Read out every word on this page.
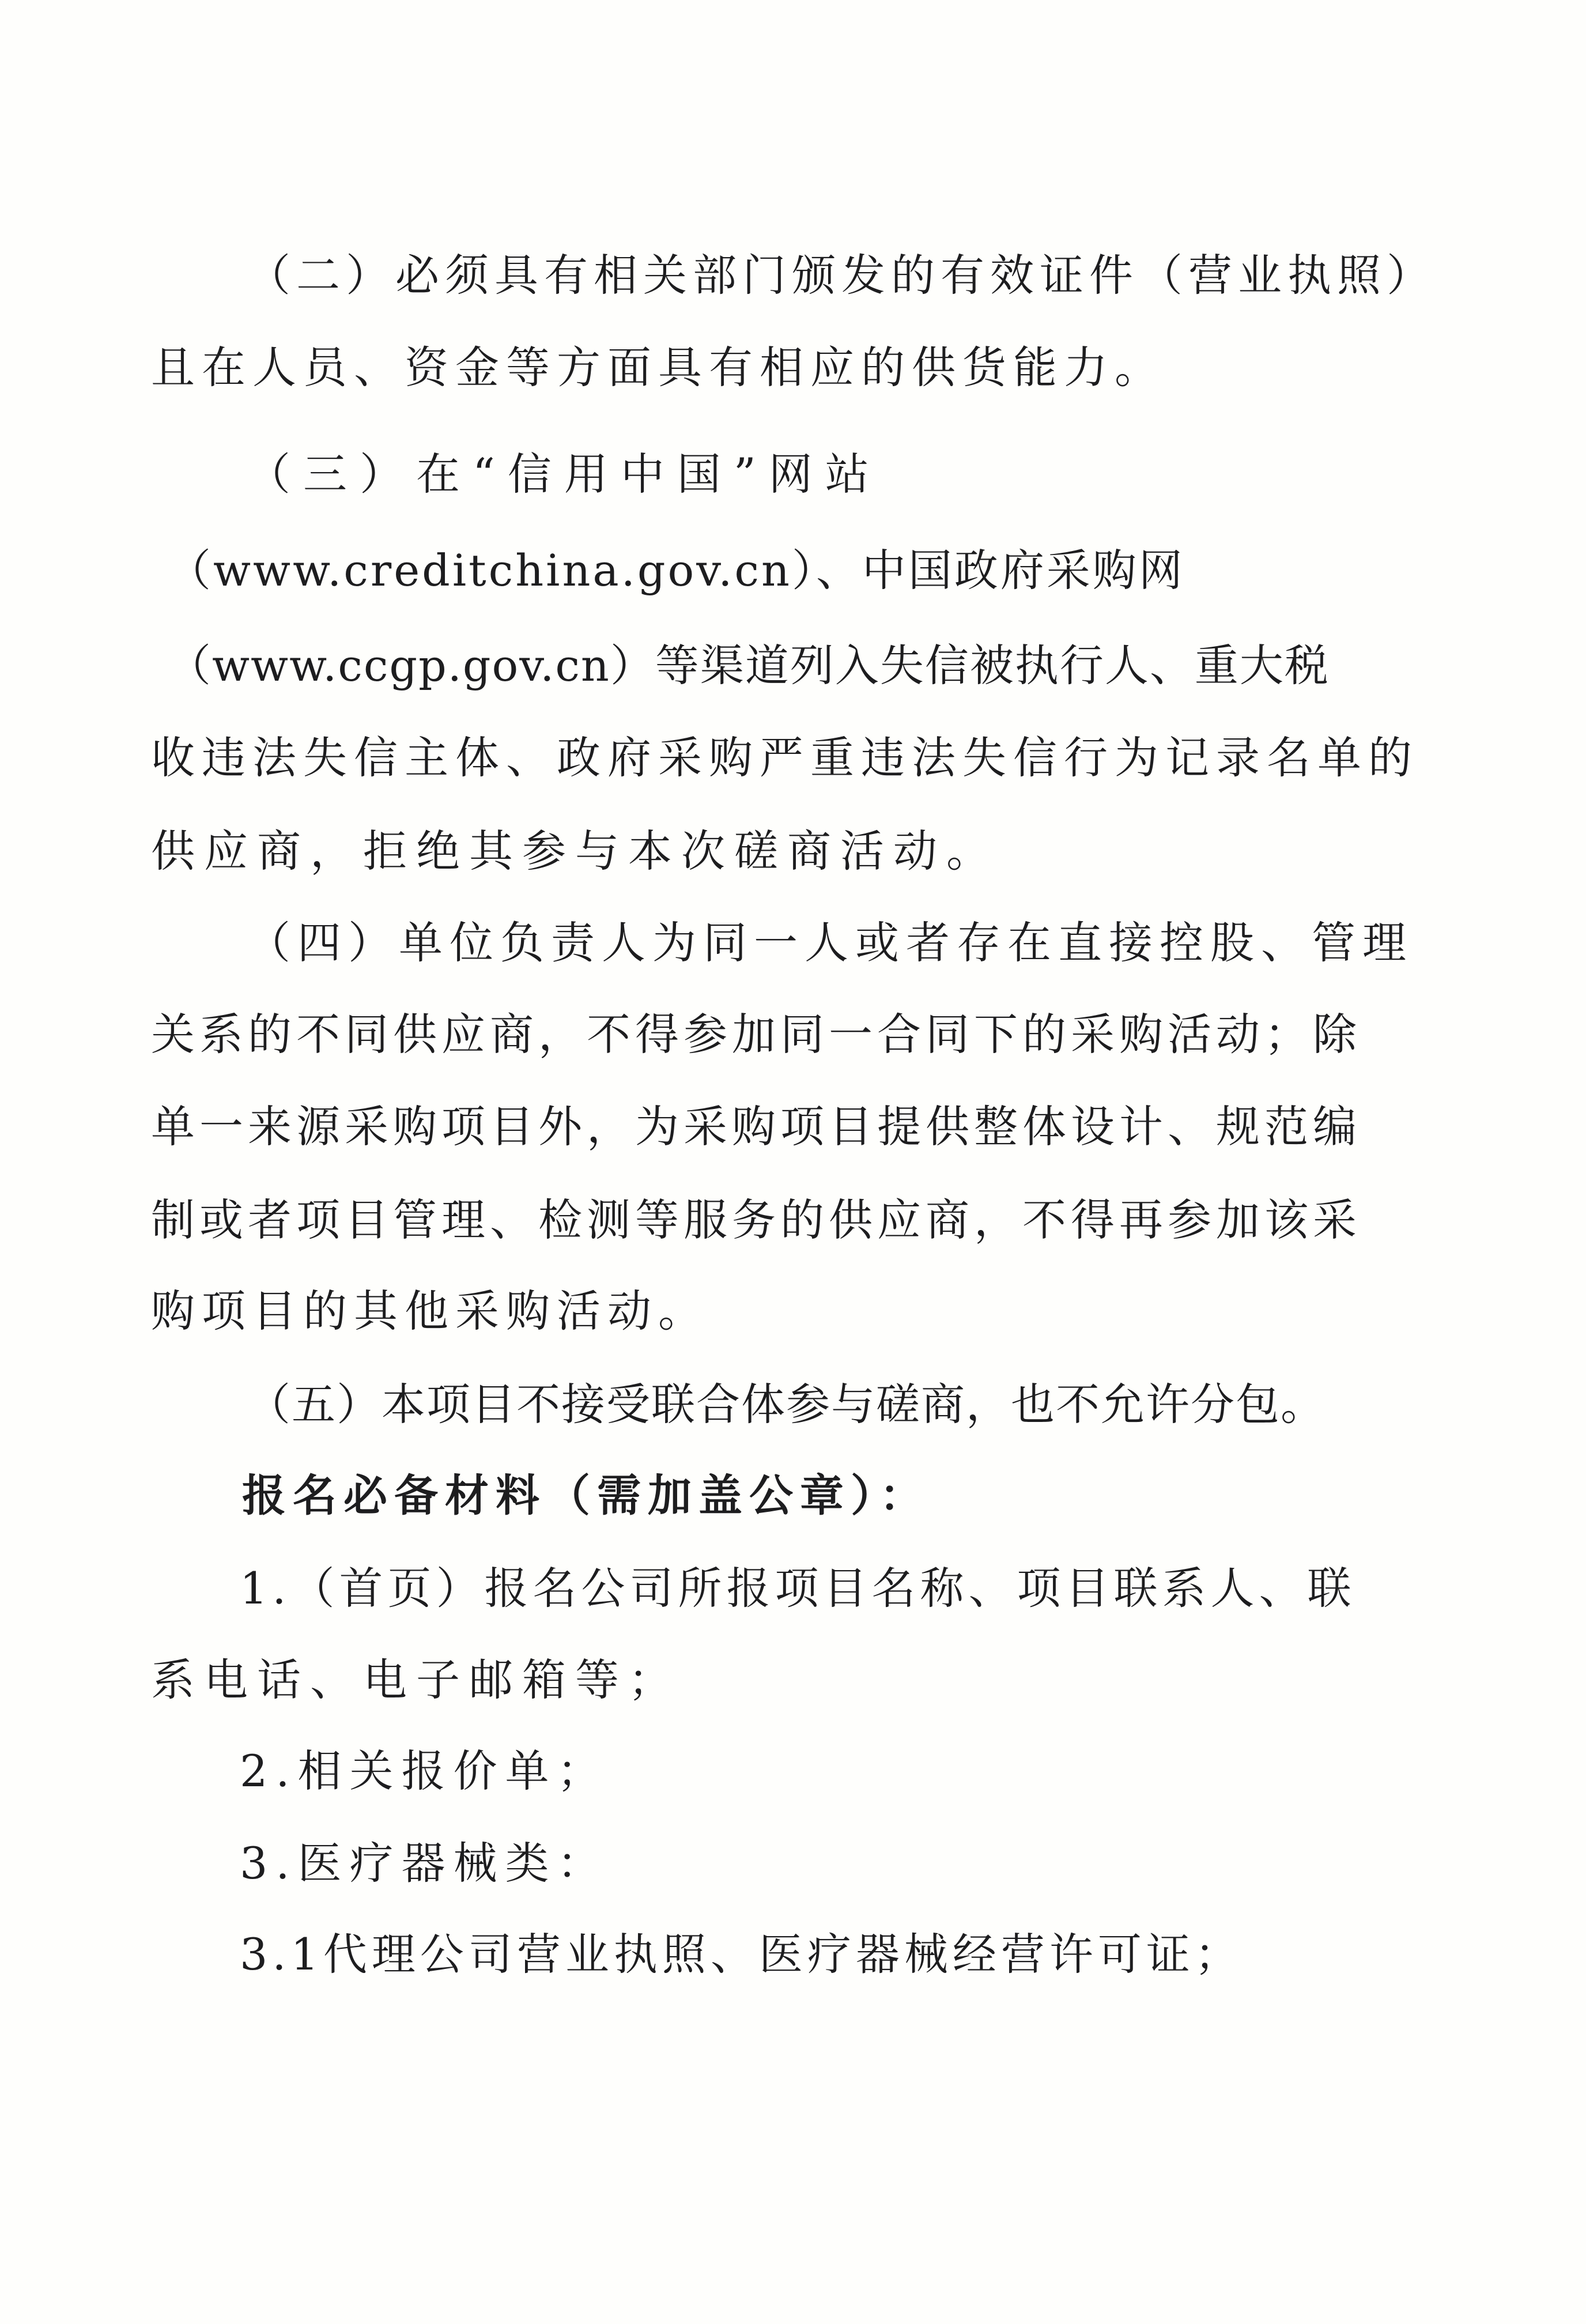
（二）必须具有相关部门颁发的有效证件（营业执照）
且在人员、资金等方面具有相应的供货能力。
（三）在“信用中国”网站
（www.creditchina.gov.cn）、中国政府采购网
（www.ccgp.gov.cn）等渠道列入失信被执行人、重大税
收违法失信主体、政府采购严重违法失信行为记录名单的
供应商，拒绝其参与本次磋商活动。
（四）单位负责人为同一人或者存在直接控股、管理
关系的不同供应商，不得参加同一合同下的采购活动；除
单一来源采购项目外，为采购项目提供整体设计、规范编
制或者项目管理、检测等服务的供应商，不得再参加该采
购项目的其他采购活动。
（五）本项目不接受联合体参与磋商，也不允许分包。
报名必备材料（需加盖公章）：
1.（首页）报名公司所报项目名称、项目联系人、联
系电话、电子邮箱等；
2.相关报价单；
3.医疗器械类：
3.1代理公司营业执照、医疗器械经营许可证；
